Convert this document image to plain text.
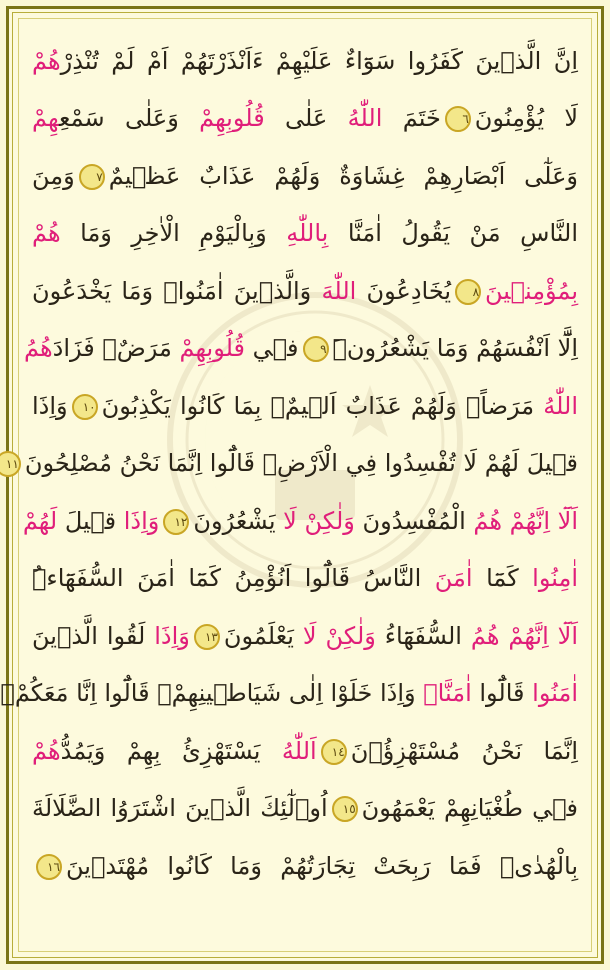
اِنَّ الَّذ۪ينَ كَفَرُوا سَوَٓاءٌ عَلَيْهِمْ ءَاَنْذَرْتَهُمْ اَمْ لَمْ تُنْذِرْهُمْ
لَا يُؤْمِنُونَ٦خَتَمَ اللّٰهُ عَلٰى قُلُوبِهِمْ وَعَلٰى سَمْعِهِمْ
وَعَلٰٓى اَبْصَارِهِمْ غِشَاوَةٌ وَلَهُمْ عَذَابٌ عَظ۪يمٌ٧وَمِنَ
النَّاسِ مَنْ يَقُولُ اٰمَنَّا بِاللّٰهِ وَبِالْيَوْمِ الْاٰخِرِ وَمَا هُمْ
بِمُؤْمِن۪ينَ٨يُخَادِعُونَ اللّٰهَ وَالَّذ۪ينَ اٰمَنُواۚ وَمَا يَخْدَعُونَ
اِلَّٓا اَنْفُسَهُمْ وَمَا يَشْعُرُونَۜ٩ف۪ي قُلُوبِهِمْ مَرَضٌۙ فَزَادَهُمُ
اللّٰهُ مَرَضاًۚ وَلَهُمْ عَذَابٌ اَل۪يمٌۙ بِمَا كَانُوا يَكْذِبُونَ١٠وَاِذَا
ق۪يلَ لَهُمْ لَا تُفْسِدُوا فِي الْاَرْضِۙ قَالُٓوا اِنَّمَا نَحْنُ مُصْلِحُونَ١١
اَلَٓا اِنَّهُمْ هُمُ الْمُفْسِدُونَ وَلٰكِنْ لَا يَشْعُرُونَ١٢وَاِذَا ق۪يلَ لَهُمْ
اٰمِنُوا كَمَٓا اٰمَنَ النَّاسُ قَالُٓوا اَنُؤْمِنُ كَمَٓا اٰمَنَ السُّفَهَٓاءُۜ
اَلَٓا اِنَّهُمْ هُمُ السُّفَهَٓاءُ وَلٰكِنْ لَا يَعْلَمُونَ١٣وَاِذَا لَقُوا الَّذ۪ينَ
اٰمَنُوا قَالُٓوا اٰمَنَّاۚ وَاِذَا خَلَوْا اِلٰى شَيَاط۪ينِهِمْۙ قَالُٓوا اِنَّا مَعَكُمْۙ
اِنَّمَا نَحْنُ مُسْتَهْزِؤُ۫نَ١٤اَللّٰهُ يَسْتَهْزِئُ بِهِمْ وَيَمُدُّهُمْ
ف۪ي طُغْيَانِهِمْ يَعْمَهُونَ١٥اُو۬لٰٓئِكَ الَّذ۪ينَ اشْتَرَوُا الضَّلَالَةَ
بِالْهُدٰىۖ فَمَا رَبِحَتْ تِجَارَتُهُمْ وَمَا كَانُوا مُهْتَد۪ينَ١٦
